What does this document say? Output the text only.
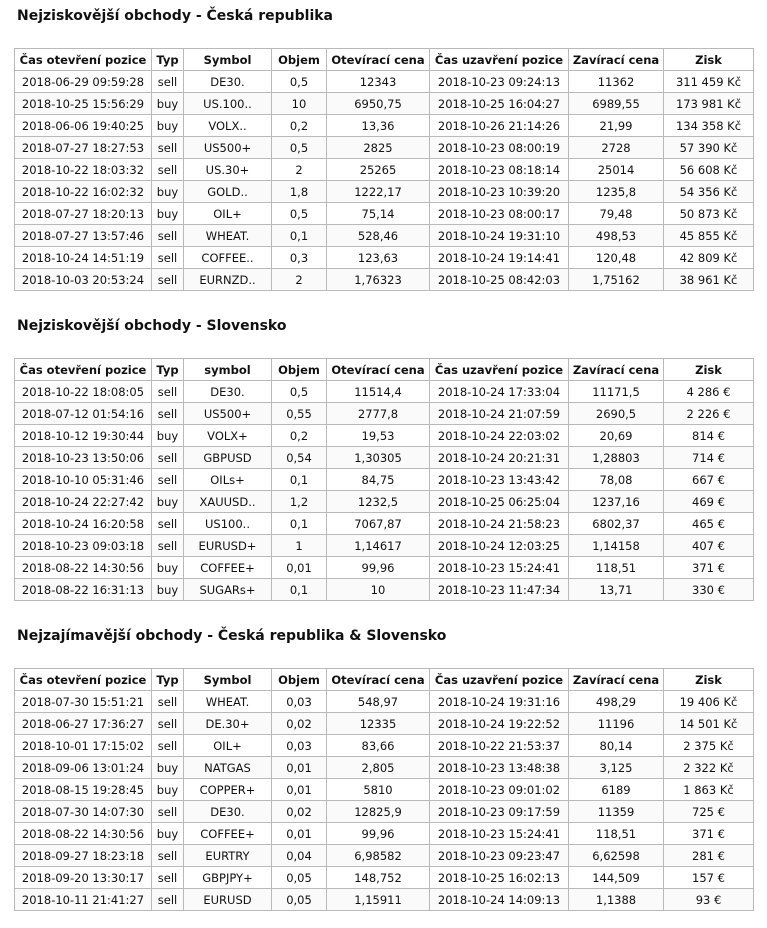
Nejziskovější obchody - Česká republika
Čas otevření pozice	Typ	Symbol	Objem	Otevírací cena	Čas uzavření pozice	Zavírací cena	Zisk
2018-06-29 09:59:28	sell	DE30.	0,5	12343	2018-10-23 09:24:13	11362	311 459 Kč
2018-10-25 15:56:29	buy	US.100..	10	6950,75	2018-10-25 16:04:27	6989,55	173 981 Kč
2018-06-06 19:40:25	buy	VOLX..	0,2	13,36	2018-10-26 21:14:26	21,99	134 358 Kč
2018-07-27 18:27:53	sell	US500+	0,5	2825	2018-10-23 08:00:19	2728	57 390 Kč
2018-10-22 18:03:32	sell	US.30+	2	25265	2018-10-23 08:18:14	25014	56 608 Kč
2018-10-22 16:02:32	buy	GOLD..	1,8	1222,17	2018-10-23 10:39:20	1235,8	54 356 Kč
2018-07-27 18:20:13	buy	OIL+	0,5	75,14	2018-10-23 08:00:17	79,48	50 873 Kč
2018-07-27 13:57:46	sell	WHEAT.	0,1	528,46	2018-10-24 19:31:10	498,53	45 855 Kč
2018-10-24 14:51:19	sell	COFFEE..	0,3	123,63	2018-10-24 19:14:41	120,48	42 809 Kč
2018-10-03 20:53:24	sell	EURNZD..	2	1,76323	2018-10-25 08:42:03	1,75162	38 961 Kč
Nejziskovější obchody - Slovensko
Čas otevření pozice	Typ	symbol	Objem	Otevírací cena	Čas uzavření pozice	Zavírací cena	Zisk
2018-10-22 18:08:05	sell	DE30.	0,5	11514,4	2018-10-24 17:33:04	11171,5	4 286 €
2018-07-12 01:54:16	sell	US500+	0,55	2777,8	2018-10-24 21:07:59	2690,5	2 226 €
2018-10-12 19:30:44	buy	VOLX+	0,2	19,53	2018-10-24 22:03:02	20,69	814 €
2018-10-23 13:50:06	sell	GBPUSD	0,54	1,30305	2018-10-24 20:21:31	1,28803	714 €
2018-10-10 05:31:46	sell	OILs+	0,1	84,75	2018-10-23 13:43:42	78,08	667 €
2018-10-24 22:27:42	buy	XAUUSD..	1,2	1232,5	2018-10-25 06:25:04	1237,16	469 €
2018-10-24 16:20:58	sell	US100..	0,1	7067,87	2018-10-24 21:58:23	6802,37	465 €
2018-10-23 09:03:18	sell	EURUSD+	1	1,14617	2018-10-24 12:03:25	1,14158	407 €
2018-08-22 14:30:56	buy	COFFEE+	0,01	99,96	2018-10-23 15:24:41	118,51	371 €
2018-08-22 16:31:13	buy	SUGARs+	0,1	10	2018-10-23 11:47:34	13,71	330 €
Nejzajímavější obchody - Česká republika & Slovensko
Čas otevření pozice	Typ	Symbol	Objem	Otevírací cena	Čas uzavření pozice	Zavírací cena	Zisk
2018-07-30 15:51:21	sell	WHEAT.	0,03	548,97	2018-10-24 19:31:16	498,29	19 406 Kč
2018-06-27 17:36:27	sell	DE.30+	0,02	12335	2018-10-24 19:22:52	11196	14 501 Kč
2018-10-01 17:15:02	sell	OIL+	0,03	83,66	2018-10-22 21:53:37	80,14	2 375 Kč
2018-09-06 13:01:24	buy	NATGAS	0,01	2,805	2018-10-23 13:48:38	3,125	2 322 Kč
2018-08-15 19:28:45	buy	COPPER+	0,01	5810	2018-10-23 09:01:02	6189	1 863 Kč
2018-07-30 14:07:30	sell	DE30.	0,02	12825,9	2018-10-23 09:17:59	11359	725 €
2018-08-22 14:30:56	buy	COFFEE+	0,01	99,96	2018-10-23 15:24:41	118,51	371 €
2018-09-27 18:23:18	sell	EURTRY	0,04	6,98582	2018-10-23 09:23:47	6,62598	281 €
2018-09-20 13:30:17	sell	GBPJPY+	0,05	148,752	2018-10-25 16:02:13	144,509	157 €
2018-10-11 21:41:27	sell	EURUSD	0,05	1,15911	2018-10-24 14:09:13	1,1388	93 €
